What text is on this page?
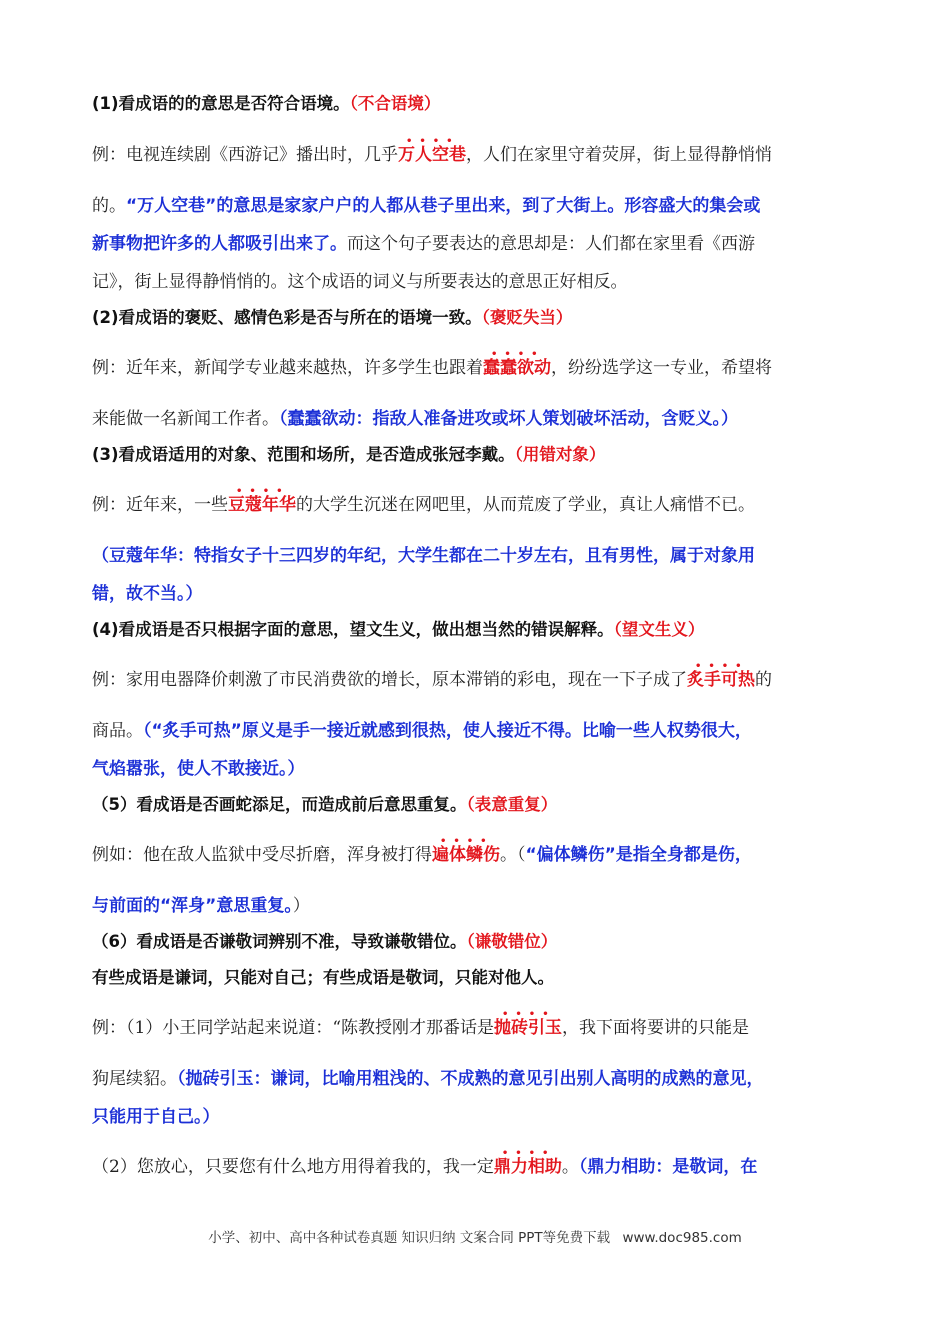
(1)看成语的的意思是否符合语境。（不合语境）
例：电视连续剧《西游记》播出时，几乎•••• 万人空巷，人们在家里守着荧屏，街上显得静悄悄
的。“万人空巷”的意思是家家户户的人都从巷子里出来，到了大街上。形容盛大的集会或
新事物把许多的人都吸引出来了。而这个句子要表达的意思却是：人们都在家里看《西游
记》，街上显得静悄悄的。这个成语的词义与所要表达的意思正好相反。
(2)看成语的褒贬、感情色彩是否与所在的语境一致。（褒贬失当）
例：近年来，新闻学专业越来越热，许多学生也跟着•••• 蠢蠢欲动，纷纷选学这一专业，希望将
来能做一名新闻工作者。（蠢蠢欲动：指敌人准备进攻或坏人策划破坏活动，含贬义。）
(3)看成语适用的对象、范围和场所，是否造成张冠李戴。（用错对象）
例：近年来，一些•••• 豆蔻年华的大学生沉迷在网吧里，从而荒废了学业，真让人痛惜不已。
（豆蔻年华：特指女子十三四岁的年纪，大学生都在二十岁左右，且有男性，属于对象用
错，故不当。）
(4)看成语是否只根据字面的意思，望文生义，做出想当然的错误解释。（望文生义）
例：家用电器降价刺激了市民消费欲的增长，原本滞销的彩电，现在一下子成了•••• 炙手可热的
商品。（“炙手可热”原义是手一接近就感到很热，使人接近不得。比喻一些人权势很大，
气焰嚣张，使人不敢接近。）
（5）看成语是否画蛇添足，而造成前后意思重复。（表意重复）
例如：他在敌人监狱中受尽折磨，浑身被打得•••• 遍体鳞伤。（“偏体鳞伤”是指全身都是伤，
与前面的“浑身”意思重复。）
（6）看成语是否谦敬词辨别不准，导致谦敬错位。（谦敬错位）
有些成语是谦词，只能对自己；有些成语是敬词，只能对他人。
例：（1）小王同学站起来说道：“陈教授刚才那番话是•••• 抛砖引玉，我下面将要讲的只能是
狗尾续貂。（抛砖引玉：谦词，比喻用粗浅的、不成熟的意见引出别人高明的成熟的意见，
只能用于自己。）
（2）您放心，只要您有什么地方用得着我的，我一定•••• 鼎力相助。（鼎力相助：是敬词，在
小学、初中、高中各种试卷真题 知识归纳 文案合同 PPT等免费下载 www.doc985.com
